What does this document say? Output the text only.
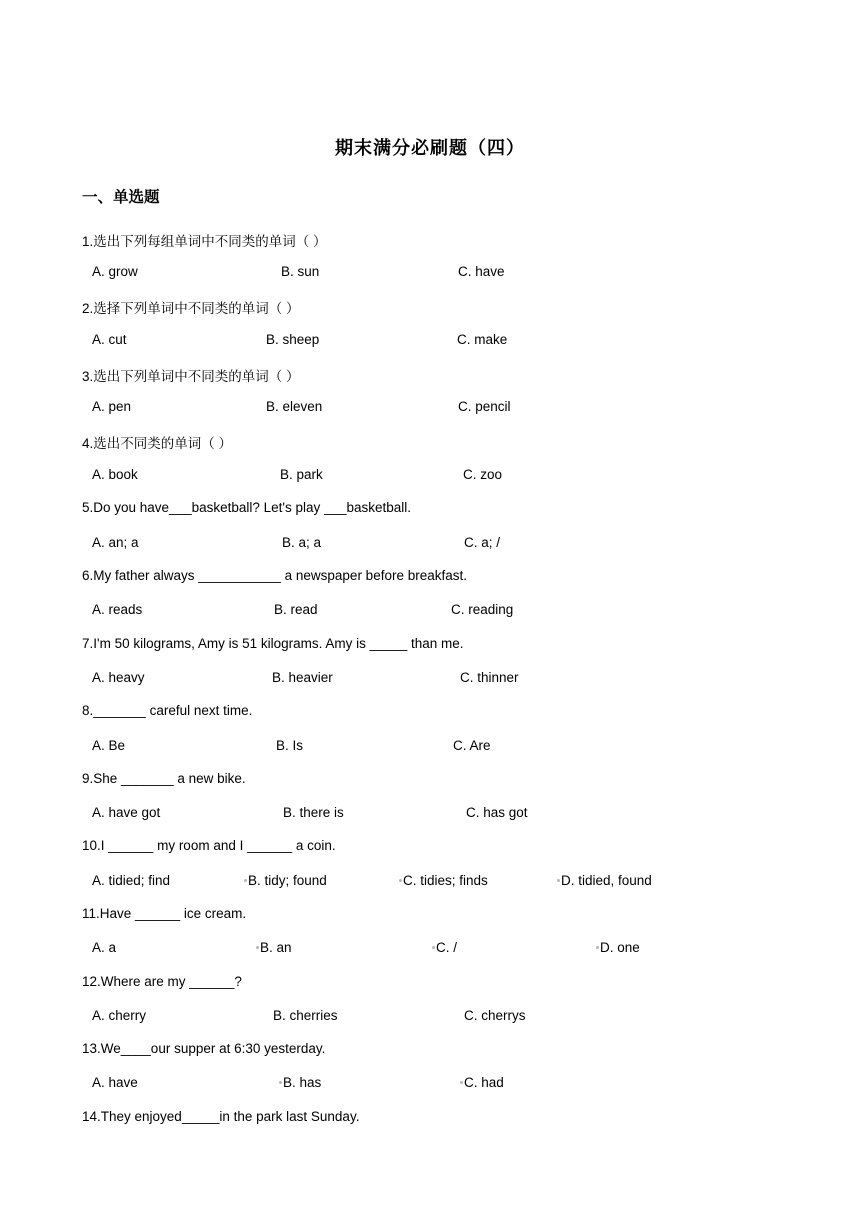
期末满分必刷题（四）
一、单选题
1.选出下列每组单词中不同类的单词（ ）
A. grow	B. sun	C. have
2.选择下列单词中不同类的单词（ ）
A. cut	B. sheep	C. make
3.选出下列单词中不同类的单词（ ）
A. pen	B. eleven	C. pencil
4.选出不同类的单词（ ）
A. book	B. park	C. zoo
5.Do you have___basketball? Let's play ___basketball.
A. an; a	B. a; a	C. a; /
6.My father always ___________ a newspaper before breakfast.
A. reads	B. read	C. reading
7.I'm 50 kilograms, Amy is 51 kilograms. Amy is _____ than me.
A. heavy	B. heavier	C. thinner
8._______ careful next time.
A. Be	B. Is	C. Are
9.She _______ a new bike.
A. have got	B. there is	C. has got
10.I ______ my room and I ______ a coin.
A. tidied; find	B. tidy; found	C. tidies; finds	D. tidied, found
11.Have ______ ice cream.
A. a	B. an	C. /	D. one
12.Where are my ______?
A. cherry	B. cherries	C. cherrys
13.We____our supper at 6:30 yesterday.
A. have	B. has	C. had
14.They enjoyed_____in the park last Sunday.
